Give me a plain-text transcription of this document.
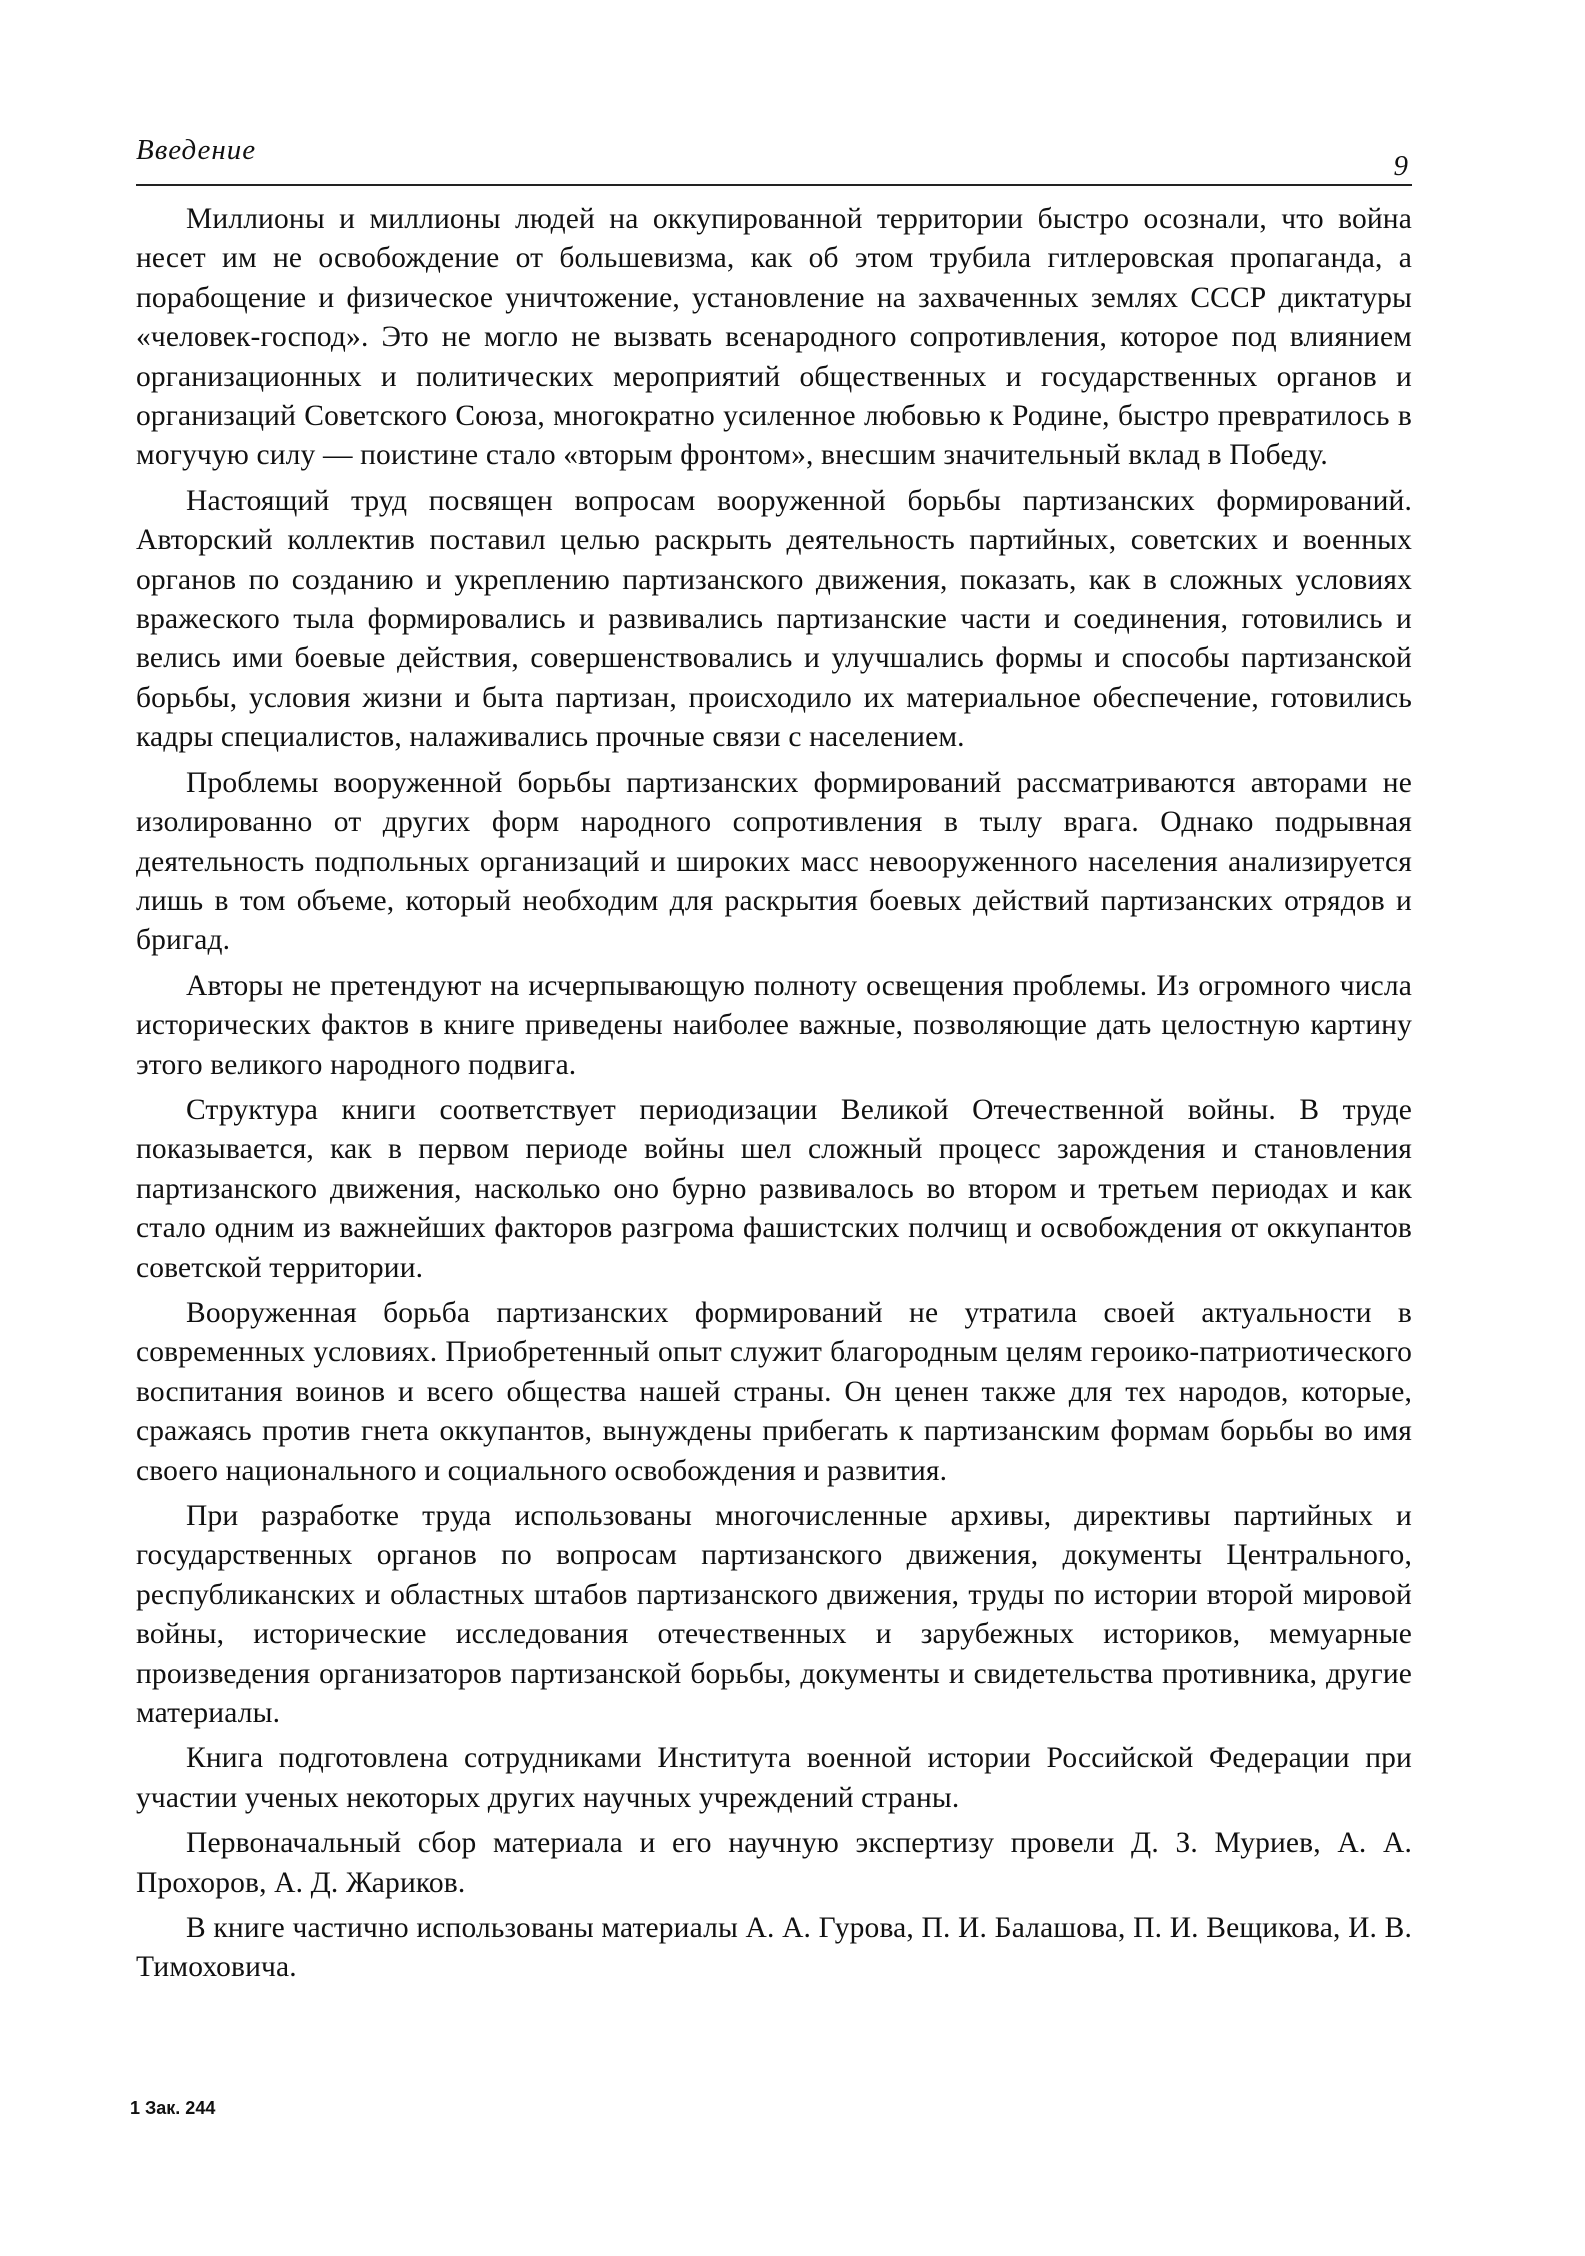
Введение	9

Миллионы и миллионы людей на оккупированной территории быстро осознали, что война несет им не освобождение от большевизма, как об этом трубила гитлеровская пропаганда, а порабощение и физическое уничтожение, установление на захваченных землях СССР диктатуры «человек-господ». Это не могло не вызвать всенародного сопротивления, которое под влиянием организационных и политических мероприятий общественных и государственных органов и организаций Советского Союза, многократно усиленное любовью к Родине, быстро превратилось в могучую силу — поистине стало «вторым фронтом», внесшим значительный вклад в Победу.

Настоящий труд посвящен вопросам вооруженной борьбы партизанских формирований. Авторский коллектив поставил целью раскрыть деятельность партийных, советских и военных органов по созданию и укреплению партизанского движения, показать, как в сложных условиях вражеского тыла формировались и развивались партизанские части и соединения, готовились и велись ими боевые действия, совершенствовались и улучшались формы и способы партизанской борьбы, условия жизни и быта партизан, происходило их материальное обеспечение, готовились кадры специалистов, налаживались прочные связи с населением.

Проблемы вооруженной борьбы партизанских формирований рассматриваются авторами не изолированно от других форм народного сопротивления в тылу врага. Однако подрывная деятельность подпольных организаций и широких масс невооруженного населения анализируется лишь в том объеме, который необходим для раскрытия боевых действий партизанских отрядов и бригад.

Авторы не претендуют на исчерпывающую полноту освещения проблемы. Из огромного числа исторических фактов в книге приведены наиболее важные, позволяющие дать целостную картину этого великого народного подвига.

Структура книги соответствует периодизации Великой Отечественной войны. В труде показывается, как в первом периоде войны шел сложный процесс зарождения и становления партизанского движения, насколько оно бурно развивалось во втором и третьем периодах и как стало одним из важнейших факторов разгрома фашистских полчищ и освобождения от оккупантов советской территории.

Вооруженная борьба партизанских формирований не утратила своей актуальности в современных условиях. Приобретенный опыт служит благородным целям героико-патриотического воспитания воинов и всего общества нашей страны. Он ценен также для тех народов, которые, сражаясь против гнета оккупантов, вынуждены прибегать к партизанским формам борьбы во имя своего национального и социального освобождения и развития.

При разработке труда использованы многочисленные архивы, директивы партийных и государственных органов по вопросам партизанского движения, документы Центрального, республиканских и областных штабов партизанского движения, труды по истории второй мировой войны, исторические исследования отечественных и зарубежных историков, мемуарные произведения организаторов партизанской борьбы, документы и свидетельства противника, другие материалы.

Книга подготовлена сотрудниками Института военной истории Российской Федерации при участии ученых некоторых других научных учреждений страны.

Первоначальный сбор материала и его научную экспертизу провели Д. З. Муриев, А. А. Прохоров, А. Д. Жариков.

В книге частично использованы материалы А. А. Гурова, П. И. Балашова, П. И. Вещикова, И. В. Тимоховича.

1 Зак. 244
